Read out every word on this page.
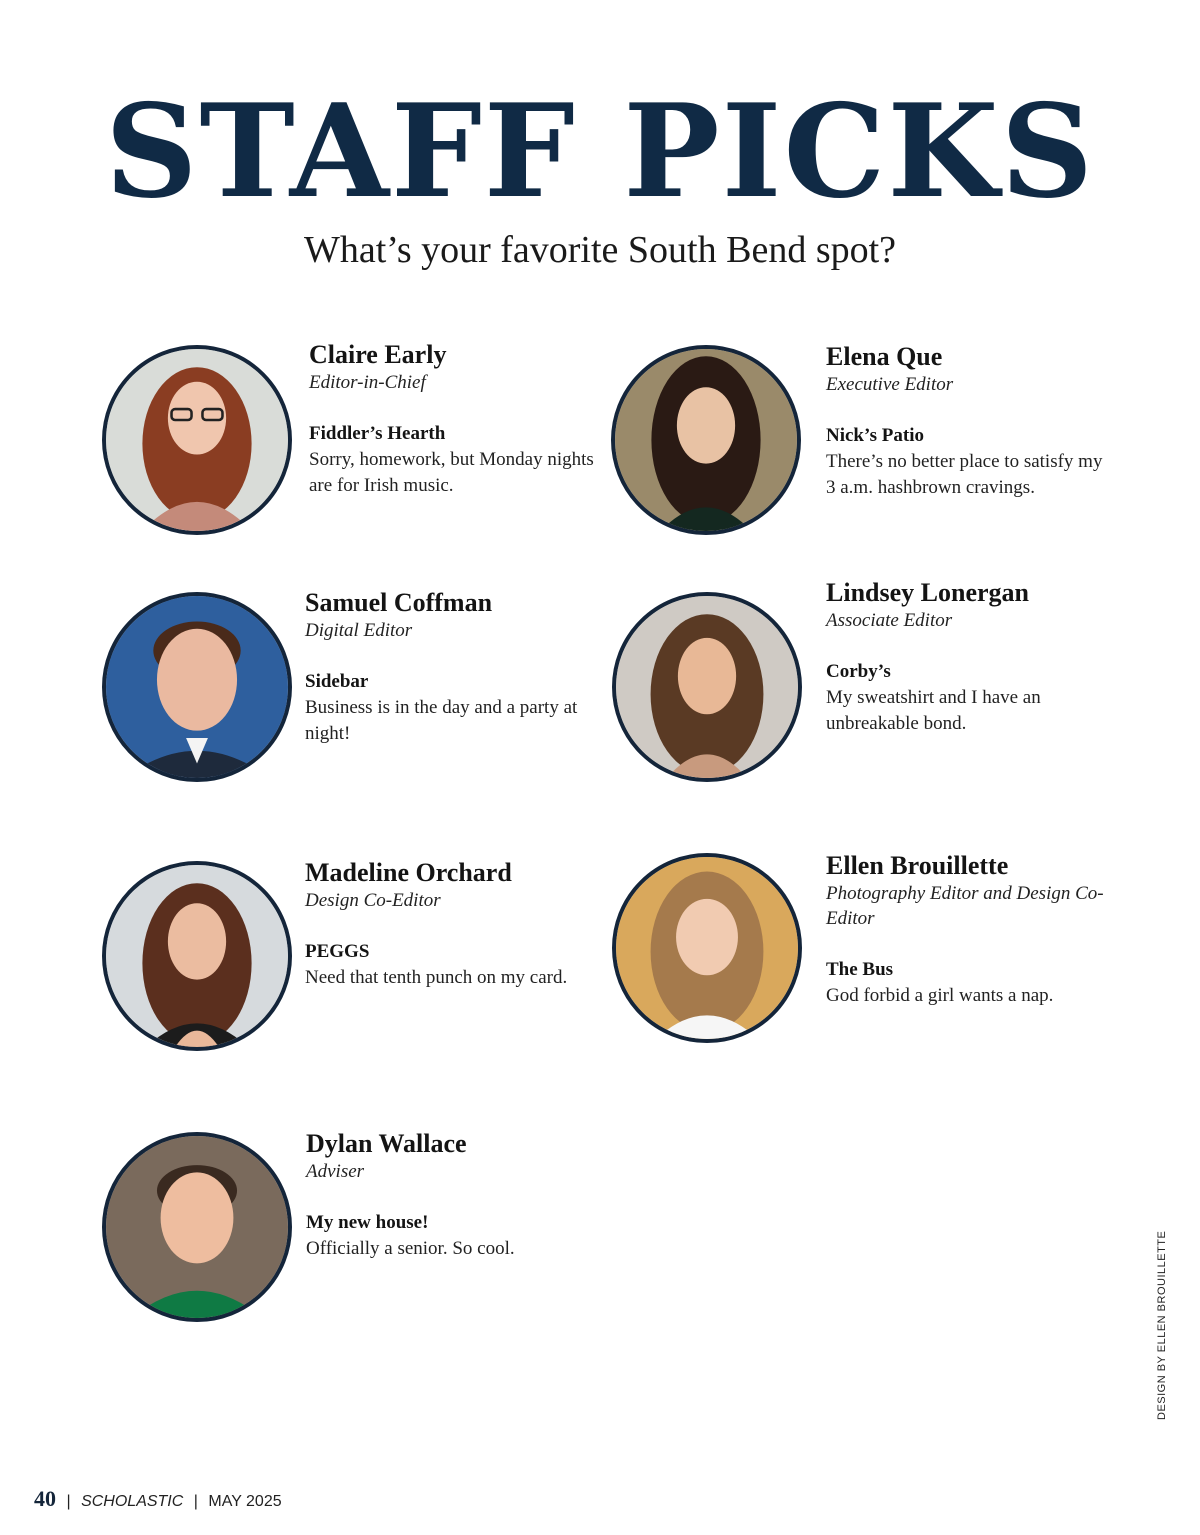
STAFF PICKS
What’s your favorite South Bend spot?
Claire Early
Editor-in-Chief
Fiddler’s Hearth
Sorry, homework, but Monday nights are for Irish music.
Elena Que
Executive Editor
Nick’s Patio
There’s no better place to satisfy my 3 a.m. hashbrown cravings.
Samuel Coffman
Digital Editor
Sidebar
Business is in the day and a party at night!
Lindsey Lonergan
Associate Editor
Corby’s
My sweatshirt and I have an unbreakable bond.
Madeline Orchard
Design Co-Editor
PEGGS
Need that tenth punch on my card.
Ellen Brouillette
Photography Editor and Design Co-Editor
The Bus
God forbid a girl wants a nap.
Dylan Wallace
Adviser
My new house!
Officially a senior. So cool.	DESIGN BY ELLEN BROUILLETTE
40 | SCHOLASTIC | MAY 2025
